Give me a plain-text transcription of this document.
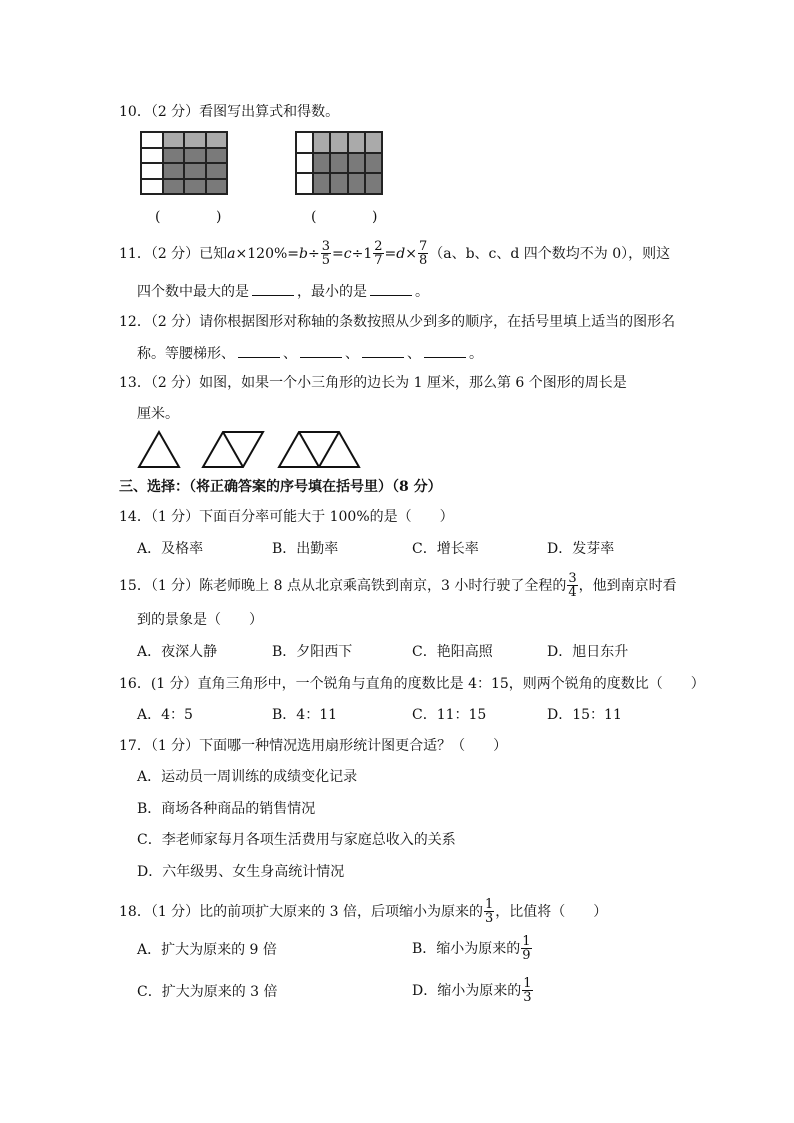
10．（2 分）看图写出算式和得数。
(	)	(	)
11．（2 分）已知 $a \times 120\%= b \div \frac{3}{5} = c \div 1 \frac{2}{7} = d \times \frac{7}{8} (a$、b、c、d 四个数均不为 0），则这
四个数中最大的是	，最小的是	。
12．（2 分）请你根据图形对称轴的条数按照从少到多的顺序，在括号里填上适当的图形名
称。等腰梯形、	、	、	、	。
13．（2 分）如图，如果一个小三角形的边长为 1 厘米，那么第 6 个图形的周长是
厘米。
三、选择：（将正确答案的序号填在括号里）（8 分）
14．（1 分）下面百分率可能大于 100%的是（　　）
A．及格率	B．出勤率	C．增长率	D．发芽率
15．（1 分）陈老师晚上 8 点从北京乘高铁到南京，3 小时行驶了全程的 $\frac{3}{4}$ ，他到南京时看
到的景象是（　　）
A．夜深人静	B．夕阳西下	C．艳阳高照	D．旭日东升
16．(1 分）直角三角形中，一个锐角与直角的度数比是 4：15，则两个锐角的度数比（　　）
A．4：5	B．4：11	C．11：15	D．15：11
17．（1 分）下面哪一种情况选用扇形统计图更合适？（　　）
A．运动员一周训练的成绩变化记录
B．商场各种商品的销售情况
C．李老师家每月各项生活费用与家庭总收入的关系
D．六年级男、女生身高统计情况
18．（1 分）比的前项扩大原来的 3 倍，后项缩小为原来的 $\frac{1}{3}$ ，比值将（　　）
A．扩大为原来的 9 倍	B．缩小为原来的 $\frac{1}{9}$
C．扩大为原来的 3 倍	D．缩小为原来的 $\frac{1}{3}$
